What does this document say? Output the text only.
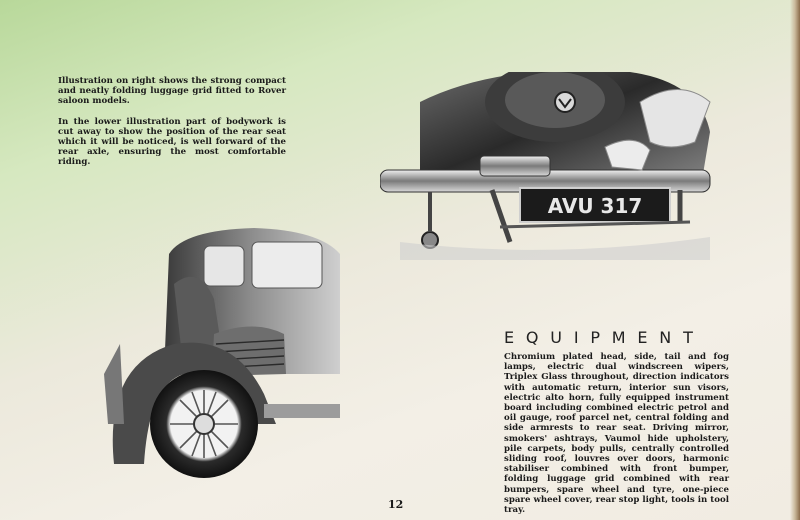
Illustration on right shows the strong compact and neatly folding luggage grid fitted to Rover saloon models.

In the lower illustration part of bodywork is cut away to show the position of the rear seat which it will be noticed, is well forward of the rear axle, ensuring the most comfortable riding.

AVU 317
EQUIPMENT
Chromium plated head, side, tail and fog lamps, electric dual windscreen wipers, Triplex Glass throughout, direction indicators with automatic return, interior sun visors, electric alto horn, fully equipped instrument board including combined electric petrol and oil gauge, roof parcel net, central folding and side armrests to rear seat. Driving mirror, smokers' ashtrays, Vaumol hide upholstery, pile carpets, body pulls, centrally controlled sliding roof, louvres over doors, harmonic stabiliser combined with front bumper, folding luggage grid combined with rear bumpers, spare wheel and tyre, one-piece spare wheel cover, rear stop light, tools in tool tray.
12
